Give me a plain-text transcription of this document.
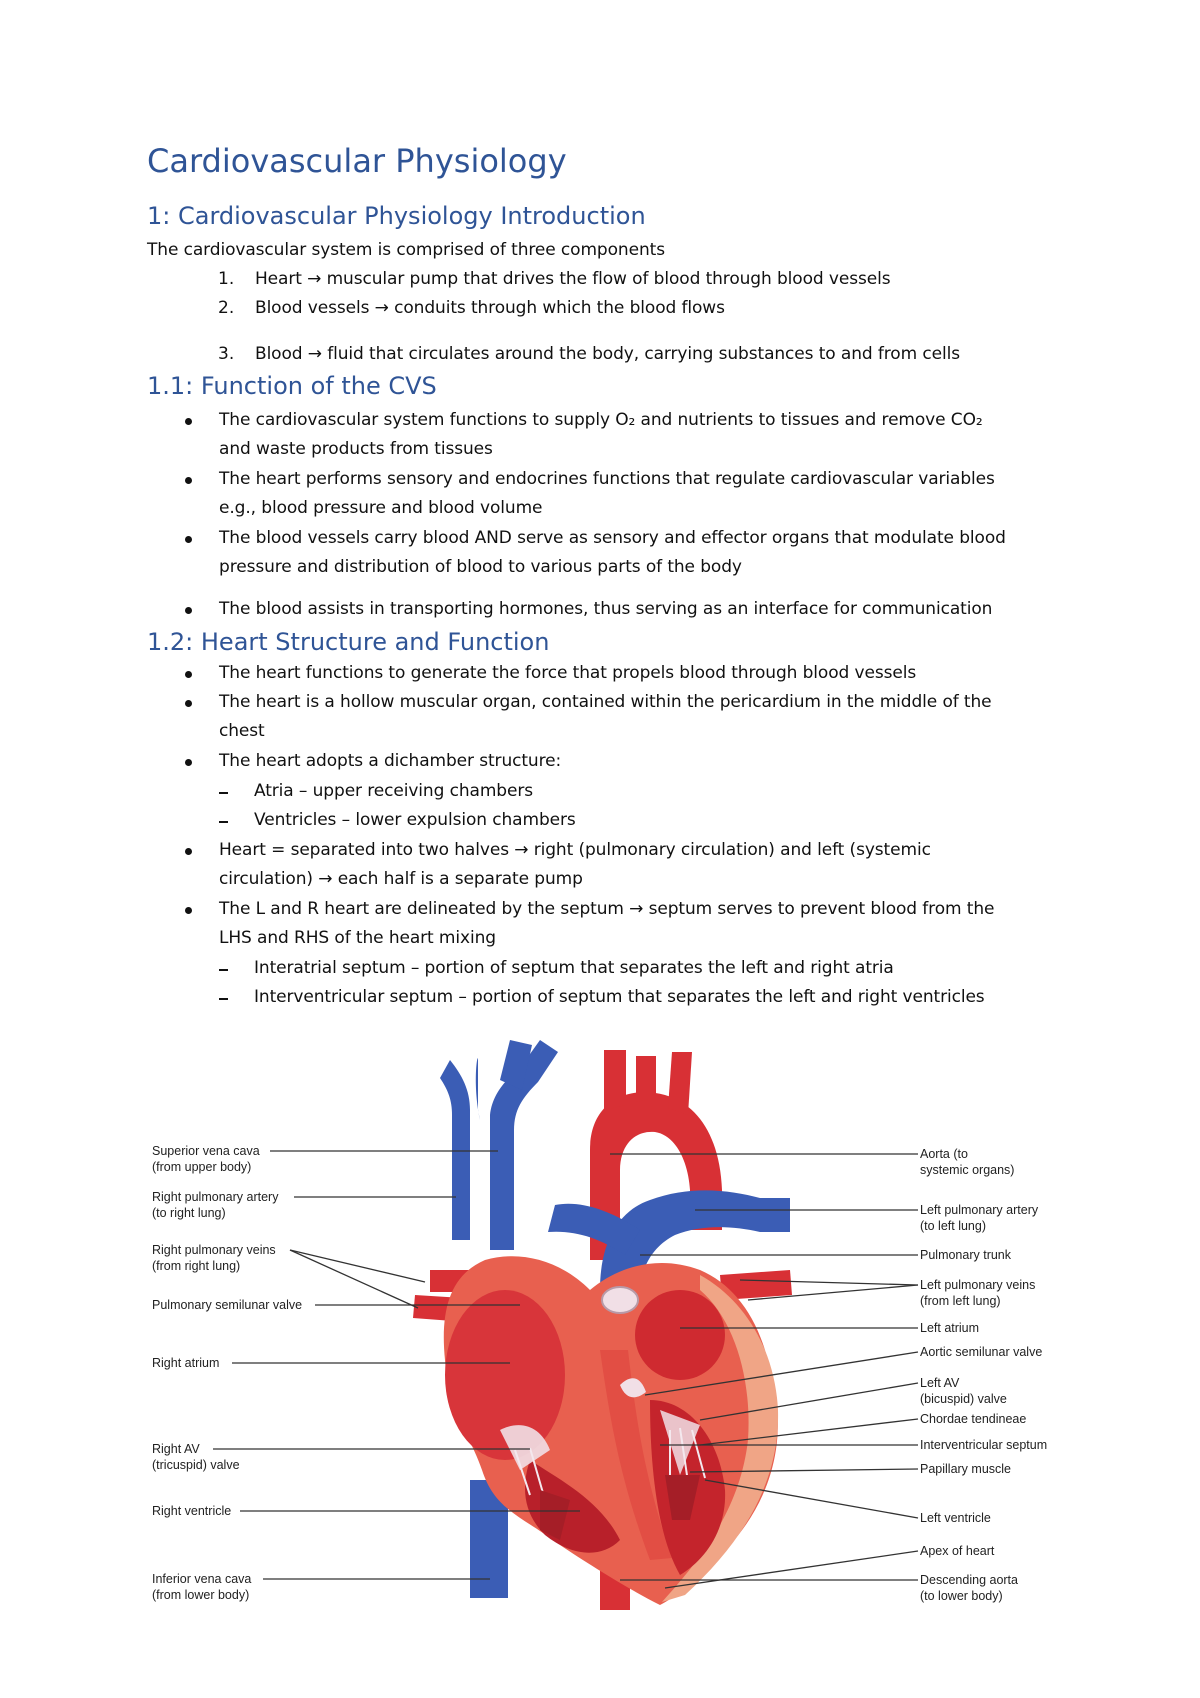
Cardiovascular Physiology
1: Cardiovascular Physiology Introduction
The cardiovascular system is comprised of three components
1. Heart → muscular pump that drives the flow of blood through blood vessels
2. Blood vessels → conduits through which the blood flows
3. Blood → fluid that circulates around the body, carrying substances to and from cells
1.1: Function of the CVS
The cardiovascular system functions to supply O₂ and nutrients to tissues and remove CO₂
and waste products from tissues
The heart performs sensory and endocrines functions that regulate cardiovascular variables
e.g., blood pressure and blood volume
The blood vessels carry blood AND serve as sensory and effector organs that modulate blood
pressure and distribution of blood to various parts of the body
The blood assists in transporting hormones, thus serving as an interface for communication
1.2: Heart Structure and Function
The heart functions to generate the force that propels blood through blood vessels
The heart is a hollow muscular organ, contained within the pericardium in the middle of the
chest
The heart adopts a dichamber structure:
Atria – upper receiving chambers
Ventricles – lower expulsion chambers
Heart = separated into two halves → right (pulmonary circulation) and left (systemic
circulation) → each half is a separate pump
The L and R heart are delineated by the septum → septum serves to prevent blood from the
LHS and RHS of the heart mixing
Interatrial septum – portion of septum that separates the left and right atria
Interventricular septum – portion of septum that separates the left and right ventricles
Superior vena cava (from upper body)
Right pulmonary artery (to right lung)
Right pulmonary veins (from right lung)
Pulmonary semilunar valve
Right atrium
Right AV (tricuspid) valve
Right ventricle
Inferior vena cava (from lower body)
Aorta (to systemic organs)
Left pulmonary artery (to left lung)
Pulmonary trunk
Left pulmonary veins (from left lung)
Left atrium
Aortic semilunar valve
Left AV (bicuspid) valve
Chordae tendineae
Interventricular septum
Papillary muscle
Left ventricle
Apex of heart
Descending aorta (to lower body)
